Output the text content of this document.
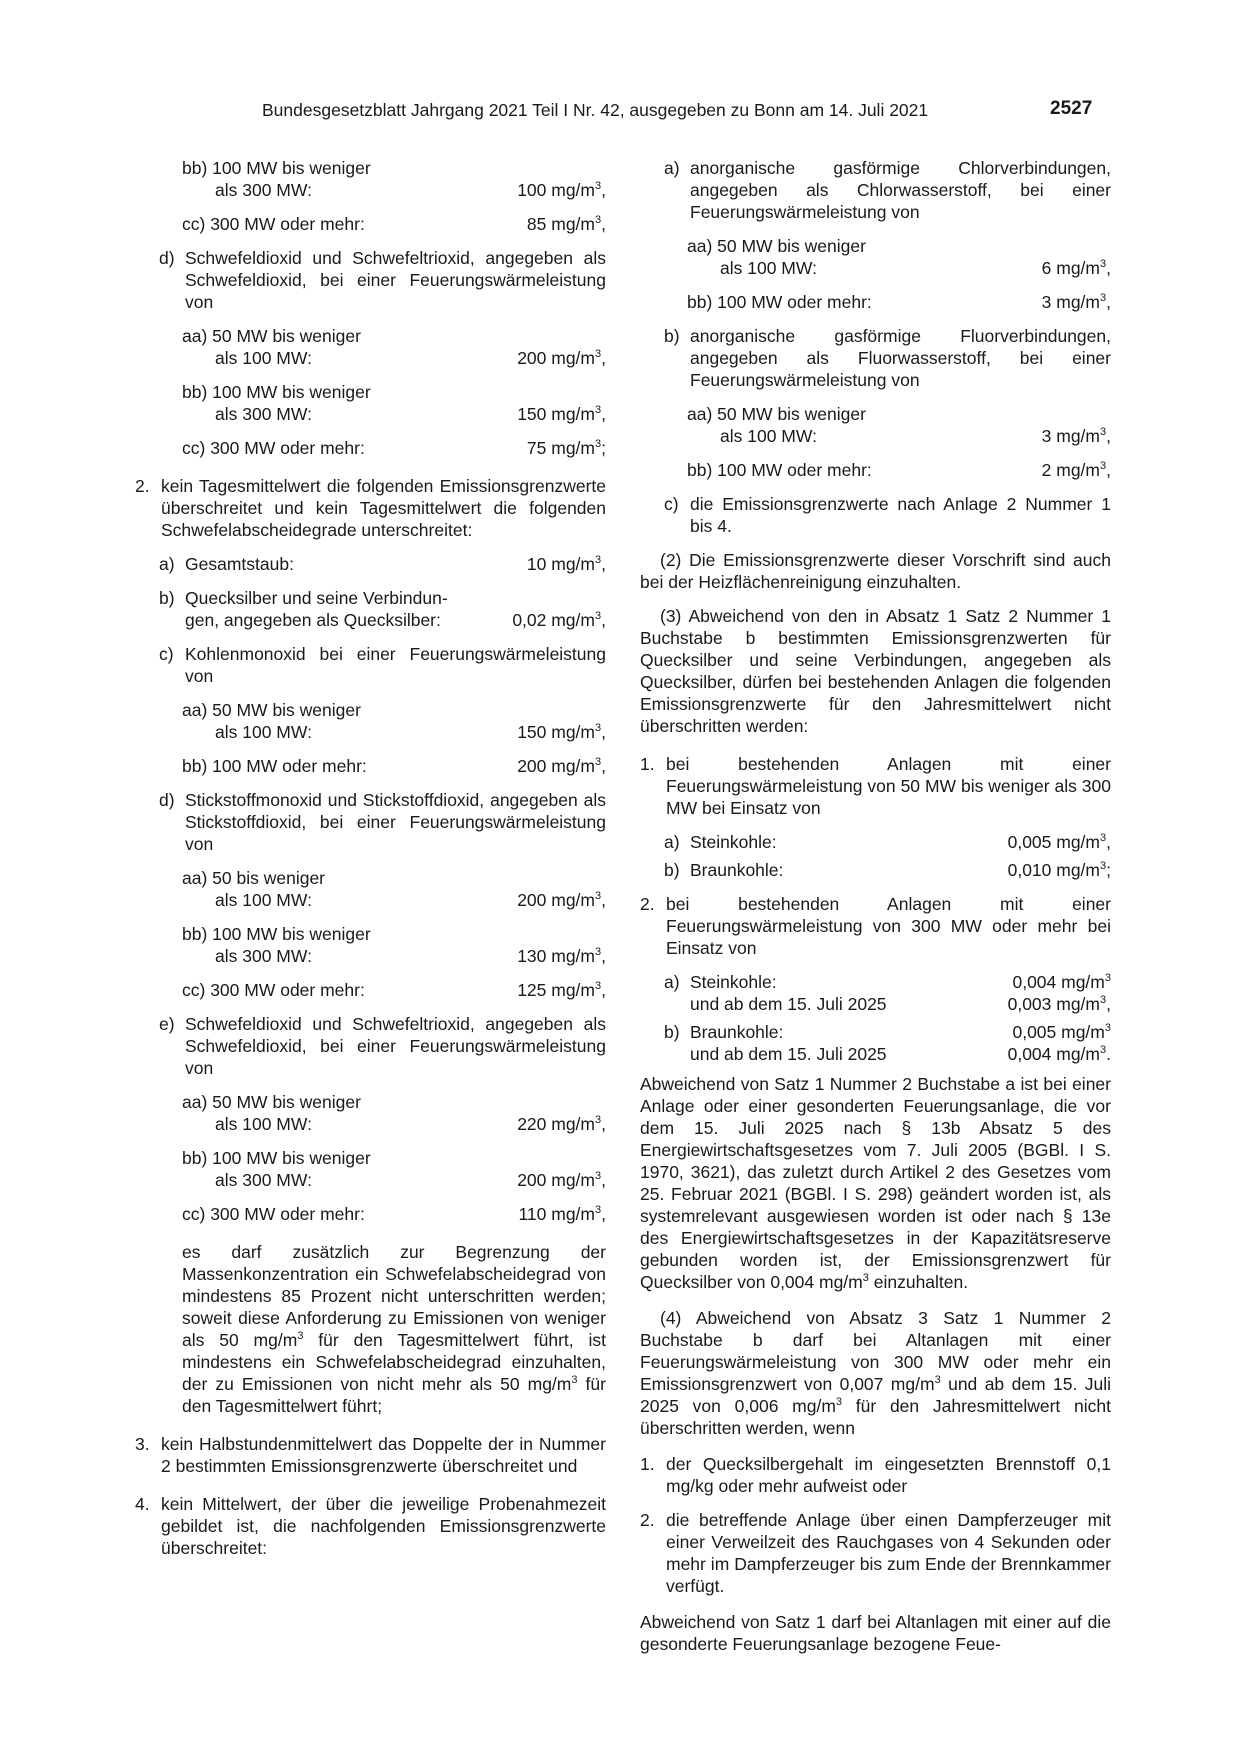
Bundesgesetzblatt Jahrgang 2021 Teil I Nr. 42, ausgegeben zu Bonn am 14. Juli 2021	2527
bb) 100 MW bis weniger
als 300 MW:	100 $mg/m^3$,
cc) 300 MW oder mehr:	85 $mg/m^3$,
d) Schwefeldioxid und Schwefeltrioxid, angegeben als Schwefeldioxid, bei einer Feuerungswärmeleistung von
aa) 50 MW bis weniger
als 100 MW:	200 $mg/m^3$,
bb) 100 MW bis weniger
als 300 MW:	150 $mg/m^3$,
cc) 300 MW oder mehr:	75 $mg/m^3$;
2. kein Tagesmittelwert die folgenden Emissionsgrenzwerte überschreitet und kein Tagesmittelwert die folgenden Schwefelabscheidegrade unterschreitet:
a) Gesamtstaub:	10 $mg/m^3$,
b) Quecksilber und seine Verbindun-
gen, angegeben als Quecksilber:	0,02 $mg/m^3$,
c) Kohlenmonoxid bei einer Feuerungswärmeleistung von
aa) 50 MW bis weniger
als 100 MW:	150 $mg/m^3$,
bb) 100 MW oder mehr:	200 $mg/m^3$,
d) Stickstoffmonoxid und Stickstoffdioxid, angegeben als Stickstoffdioxid, bei einer Feuerungswärmeleistung von
aa) 50 bis weniger
als 100 MW:	200 $mg/m^3$,
bb) 100 MW bis weniger
als 300 MW:	130 $mg/m^3$,
cc) 300 MW oder mehr:	125 $mg/m^3$,
e) Schwefeldioxid und Schwefeltrioxid, angegeben als Schwefeldioxid, bei einer Feuerungswärmeleistung von
aa) 50 MW bis weniger
als 100 MW:	220 $mg/m^3$,
bb) 100 MW bis weniger
als 300 MW:	200 $mg/m^3$,
cc) 300 MW oder mehr:	110 $mg/m^3$,
es darf zusätzlich zur Begrenzung der Massenkonzentration ein Schwefelabscheidegrad von mindestens 85 Prozent nicht unterschritten werden; soweit diese Anforderung zu Emissionen von weniger als 50 $mg/m^3$ für den Tagesmittelwert führt, ist mindestens ein Schwefelabscheidegrad einzuhalten, der zu Emissionen von nicht mehr als 50 $mg/m^3$ für den Tagesmittelwert führt;
3. kein Halbstundenmittelwert das Doppelte der in Nummer 2 bestimmten Emissionsgrenzwerte überschreitet und
4. kein Mittelwert, der über die jeweilige Probenahmezeit gebildet ist, die nachfolgenden Emissionsgrenzwerte überschreitet:
a) anorganische gasförmige Chlorverbindungen, angegeben als Chlorwasserstoff, bei einer Feuerungswärmeleistung von
aa) 50 MW bis weniger
als 100 MW:	6 $mg/m^3$,
bb) 100 MW oder mehr:	3 $mg/m^3$,
b) anorganische gasförmige Fluorverbindungen, angegeben als Fluorwasserstoff, bei einer Feuerungswärmeleistung von
aa) 50 MW bis weniger
als 100 MW:	3 $mg/m^3$,
bb) 100 MW oder mehr:	2 $mg/m^3$,
c) die Emissionsgrenzwerte nach Anlage 2 Nummer 1 bis 4.
(2) Die Emissionsgrenzwerte dieser Vorschrift sind auch bei der Heizflächenreinigung einzuhalten.
(3) Abweichend von den in Absatz 1 Satz 2 Nummer 1 Buchstabe b bestimmten Emissionsgrenzwerten für Quecksilber und seine Verbindungen, angegeben als Quecksilber, dürfen bei bestehenden Anlagen die folgenden Emissionsgrenzwerte für den Jahresmittelwert nicht überschritten werden:
1. bei bestehenden Anlagen mit einer Feuerungswärmeleistung von 50 MW bis weniger als 300 MW bei Einsatz von
a) Steinkohle:	0,005 $mg/m^3$,
b) Braunkohle:	0,010 $mg/m^3$;
2. bei bestehenden Anlagen mit einer Feuerungswärmeleistung von 300 MW oder mehr bei Einsatz von
a) Steinkohle:	0,004 $mg/m^3$
und ab dem 15. Juli 2025	0,003 $mg/m^3$,
b) Braunkohle:	0,005 $mg/m^3$
und ab dem 15. Juli 2025	0,004 $mg/m^3$.
Abweichend von Satz 1 Nummer 2 Buchstabe a ist bei einer Anlage oder einer gesonderten Feuerungsanlage, die vor dem 15. Juli 2025 nach § 13b Absatz 5 des Energiewirtschaftsgesetzes vom 7. Juli 2005 (BGBl. I S. 1970, 3621), das zuletzt durch Artikel 2 des Gesetzes vom 25. Februar 2021 (BGBl. I S. 298) geändert worden ist, als systemrelevant ausgewiesen worden ist oder nach § 13e des Energiewirtschaftsgesetzes in der Kapazitätsreserve gebunden worden ist, der Emissionsgrenzwert für Quecksilber von 0,004 $mg/m^3$ einzuhalten.
(4) Abweichend von Absatz 3 Satz 1 Nummer 2 Buchstabe b darf bei Altanlagen mit einer Feuerungswärmeleistung von 300 MW oder mehr ein Emissionsgrenzwert von 0,007 $mg/m^3$ und ab dem 15. Juli 2025 von 0,006 $mg/m^3$ für den Jahresmittelwert nicht überschritten werden, wenn
1. der Quecksilbergehalt im eingesetzten Brennstoff 0,1 mg/kg oder mehr aufweist oder
2. die betreffende Anlage über einen Dampferzeuger mit einer Verweilzeit des Rauchgases von 4 Sekunden oder mehr im Dampferzeuger bis zum Ende der Brennkammer verfügt.
Abweichend von Satz 1 darf bei Altanlagen mit einer auf die gesonderte Feuerungsanlage bezogene Feue-
